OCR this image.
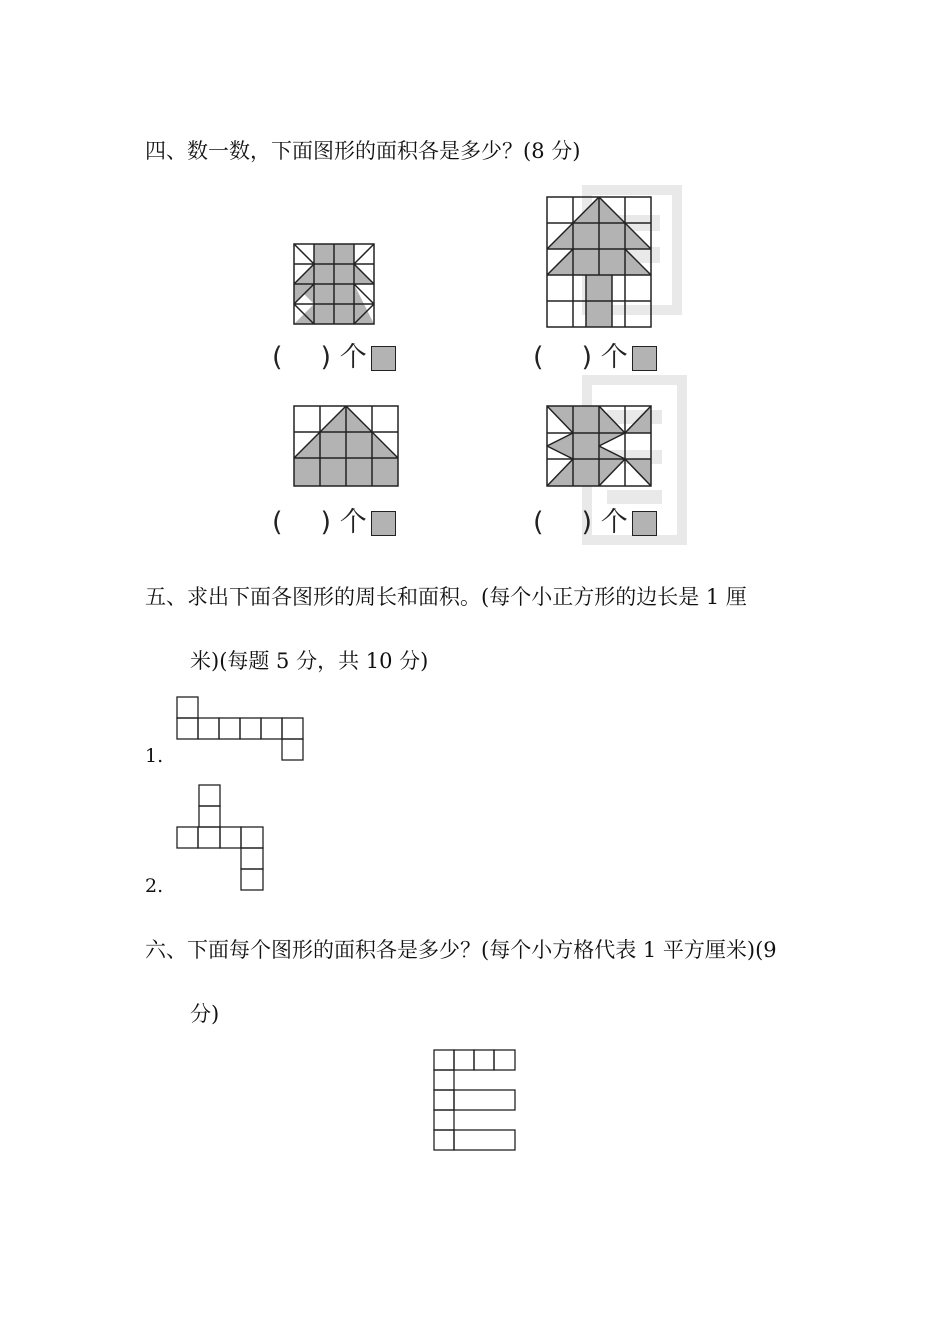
四、数一数，下面图形的面积各是多少？(8 分)
( ) 个	( ) 个
( ) 个	( ) 个
五、求出下面各图形的周长和面积。(每个小正方形的边长是 1 厘
米)(每题 5 分，共 10 分)
1.
2.
六、下面每个图形的面积各是多少？(每个小方格代表 1 平方厘米)(9
分)
